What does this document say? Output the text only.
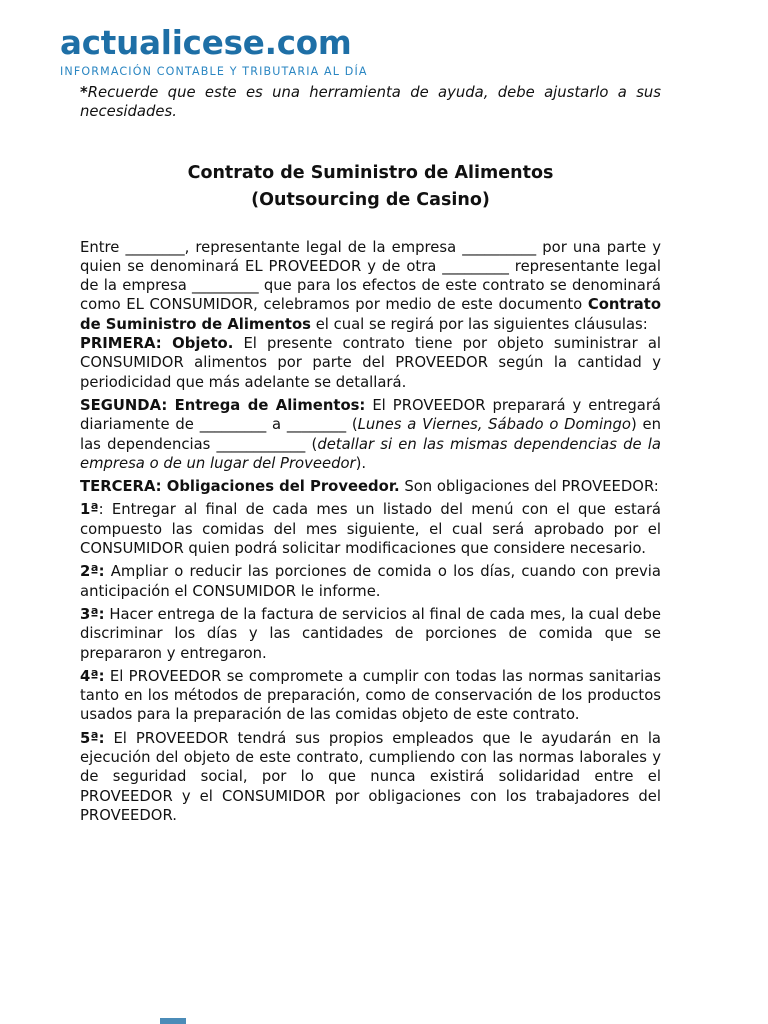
actualicese.com
INFORMACIÓN CONTABLE Y TRIBUTARIA AL DÍA

*Recuerde que este es una herramienta de ayuda, debe ajustarlo a sus necesidades.

Contrato de Suministro de Alimentos
(Outsourcing de Casino)

Entre ________, representante legal de la empresa __________ por una parte y quien se denominará EL PROVEEDOR y de otra _________ representante legal de la empresa _________ que para los efectos de este contrato se denominará como EL CONSUMIDOR, celebramos por medio de este documento Contrato de Suministro de Alimentos el cual se regirá por las siguientes cláusulas:

PRIMERA: Objeto. El presente contrato tiene por objeto suministrar al CONSUMIDOR alimentos por parte del PROVEEDOR según la cantidad y periodicidad que más adelante se detallará.

SEGUNDA: Entrega de Alimentos: El PROVEEDOR preparará y entregará diariamente de _________ a ________ (Lunes a Viernes, Sábado o Domingo) en las dependencias ____________ (detallar si en las mismas dependencias de la empresa o de un lugar del Proveedor).

TERCERA: Obligaciones del Proveedor. Son obligaciones del PROVEEDOR:

1ª: Entregar al final de cada mes un listado del menú con el que estará compuesto las comidas del mes siguiente, el cual será aprobado por el CONSUMIDOR quien podrá solicitar modificaciones que considere necesario.

2ª: Ampliar o reducir las porciones de comida o los días, cuando con previa anticipación el CONSUMIDOR le informe.

3ª: Hacer entrega de la factura de servicios al final de cada mes, la cual debe discriminar los días y las cantidades de porciones de comida que se prepararon y entregaron.

4ª: El PROVEEDOR se compromete a cumplir con todas las normas sanitarias tanto en los métodos de preparación, como de conservación de los productos usados para la preparación de las comidas objeto de este contrato.

5ª: El PROVEEDOR tendrá sus propios empleados que le ayudarán en la ejecución del objeto de este contrato, cumpliendo con las normas laborales y de seguridad social, por lo que nunca existirá solidaridad entre el PROVEEDOR y el CONSUMIDOR por obligaciones con los trabajadores del PROVEEDOR.
